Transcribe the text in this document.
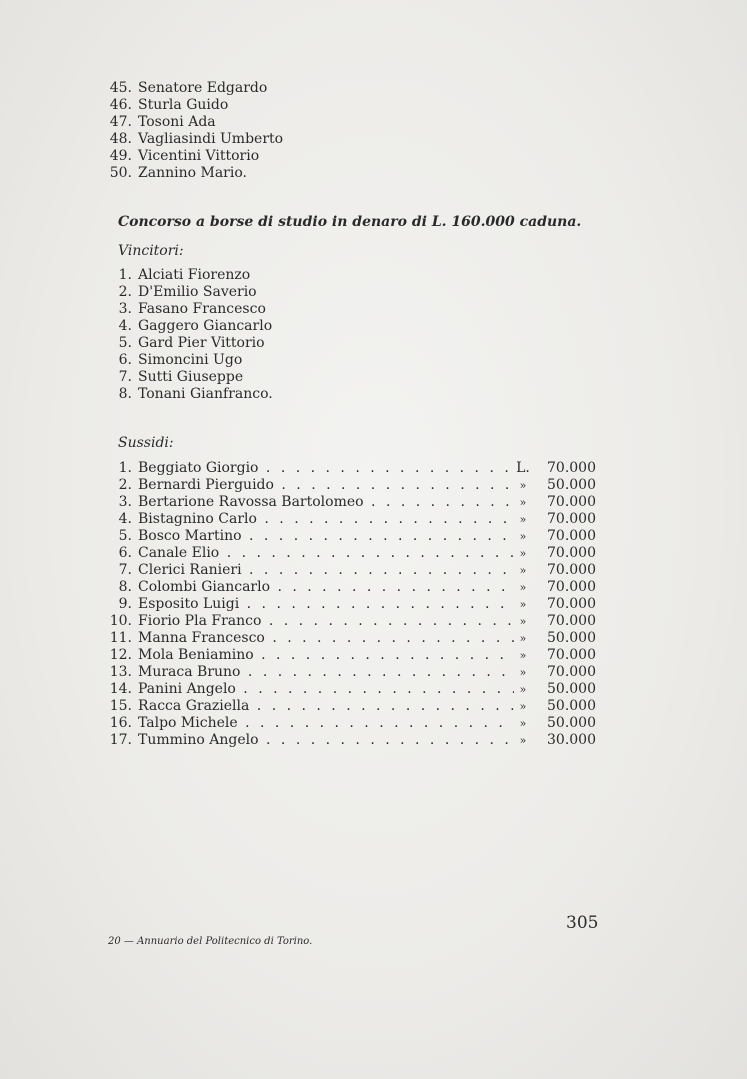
45. Senatore Edgardo
46. Sturla Guido
47. Tosoni Ada
48. Vagliasindi Umberto
49. Vicentini Vittorio
50. Zannino Mario.
Concorso a borse di studio in denaro di L. 160.000 caduna.
Vincitori:
1. Alciati Fiorenzo
2. D'Emilio Saverio
3. Fasano Francesco
4. Gaggero Giancarlo
5. Gard Pier Vittorio
6. Simoncini Ugo
7. Sutti Giuseppe
8. Tonani Gianfranco.
Sussidi:
1. Beggiato Giorgio . . .	L.	70.000
2. Bernardi Pierguido . . .	»	50.000
3. Bertarione Ravossa Bartolomeo . . .	»	70.000
4. Bistagnino Carlo . . .	»	70.000
5. Bosco Martino . . .	»	70.000
6. Canale Elio . . .	»	70.000
7. Clerici Ranieri . . .	»	70.000
8. Colombi Giancarlo . . .	»	70.000
9. Esposito Luigi . . .	»	70.000
10. Fiorio Pla Franco . . .	»	70.000
11. Manna Francesco . . .	»	50.000
12. Mola Beniamino . . .	»	70.000
13. Muraca Bruno . . .	»	70.000
14. Panini Angelo . . .	»	50.000
15. Racca Graziella . . .	»	50.000
16. Talpo Michele . . .	»	50.000
17. Tummino Angelo . . .	»	30.000
305
20 — Annuario del Politecnico di Torino.
